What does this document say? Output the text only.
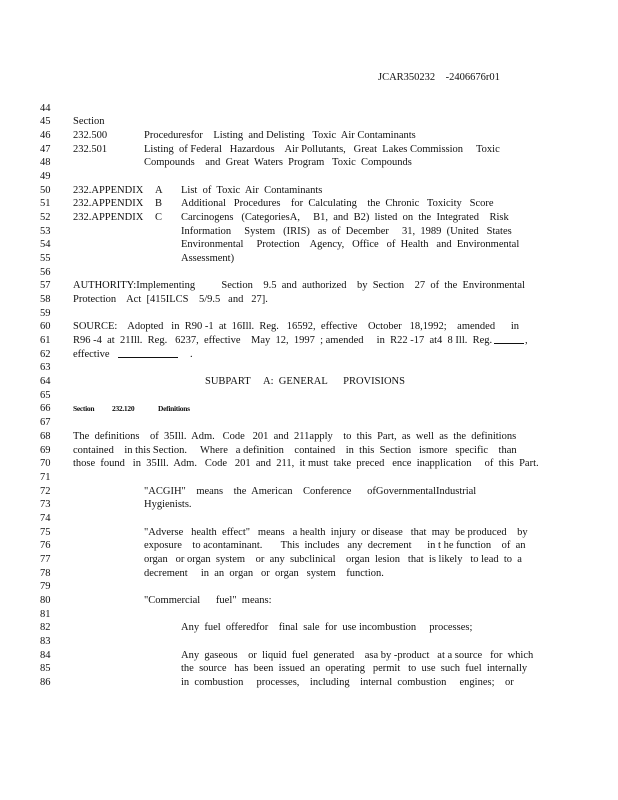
JCAR350232    -2406676r01
44
45	Section
46	232.500	Proceduresfor    Listing  and Delisting   Toxic  Air Contaminants
47	232.501	Listing  of Federal   Hazardous    Air Pollutants,   Great  Lakes Commission     Toxic
48	Compounds    and  Great  Waters  Program   Toxic  Compounds
49
50	232.APPENDIX A List  of  Toxic  Air  Contaminants
51	232.APPENDIX B Additional   Procedures    for  Calculating    the  Chronic   Toxicity   Score
52	232.APPENDIX C Carcinogens   (CategoriesA,     B1,  and  B2)  listed  on  the  Integrated    Risk
53	Information     System   (IRIS)   as  of  December     31,  1989  (United   States
54	Environmental     Protection    Agency,   Office   of  Health   and  Environmental
55	Assessment)
56
57	AUTHORITY:Implementing          Section    9.5  and  authorized    by  Section    27  of  the  Environmental
58	Protection    Act  [415ILCS    5/9.5   and   27].
59
60	SOURCE:    Adopted   in  R90 -1  at  16Ill.  Reg.   16592,  effective    October   18,1992;    amended      in
61	R96 -4  at  21Ill.  Reg.   6237,  effective    May  12,  1997  ; amended     in  R22 -17  at4  8 Ill.  Reg.	,
62	effective	.
63
64	SUBPART     A:  GENERAL      PROVISIONS
65
66	Section 232.120	Definitions
67
68	The  definitions    of  35Ill.  Adm.   Code   201  and  211apply    to  this  Part,  as  well  as  the  definitions
69	contained    in this Section.     Where   a definition    contained    in  this  Section   ismore   specific    than
70	those  found   in  35Ill.  Adm.   Code   201  and  211,  it must  take  preced   ence  inapplication     of  this  Part.
71
72	"ACGIH"    means    the  American    Conference      ofGovernmentalIndustrial
73	Hygienists.
74
75	"Adverse   health  effect"   means   a health  injury  or disease   that  may  be produced    by
76	exposure    to acontaminant.       This  includes   any  decrement      in t he function    of  an
77	organ   or organ  system    or  any  subclinical    organ  lesion   that  is likely   to lead  to  a
78	decrement     in  an  organ   or  organ   system    function.
79
80	"Commercial      fuel"  means:
81
82	Any  fuel  offeredfor    final  sale  for  use incombustion     processes;
83
84	Any  gaseous    or  liquid  fuel  generated    asa by -product   at a source   for  which
85	the  source   has  been  issued  an  operating   permit   to  use  such  fuel  internally
86	in  combustion     processes,    including    internal  combustion     engines;    or
